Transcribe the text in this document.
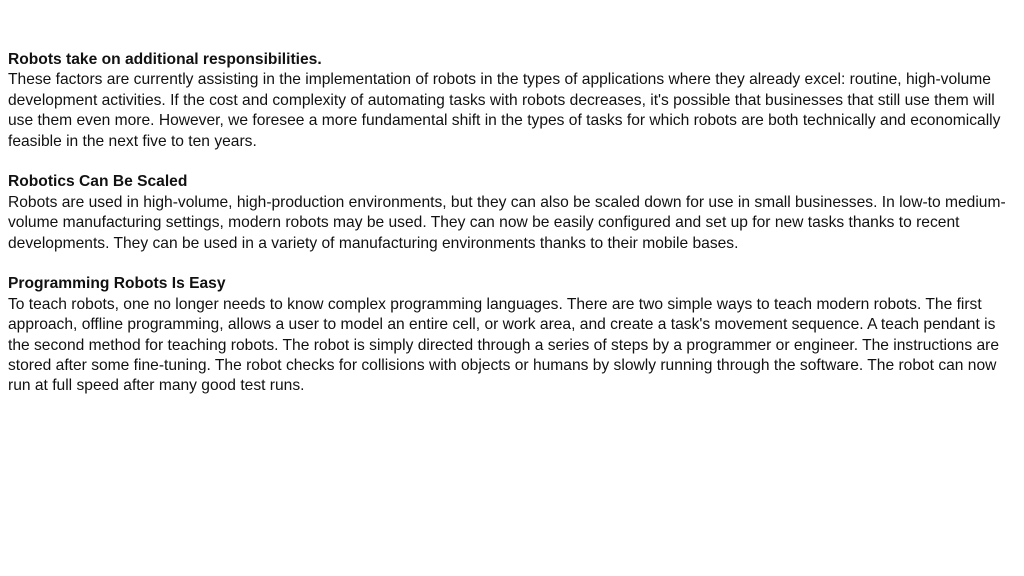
Robots take on additional responsibilities.

These factors are currently assisting in the implementation of robots in the types of applications where they already excel: routine, high-volume development activities. If the cost and complexity of automating tasks with robots decreases, it's possible that businesses that still use them will use them even more. However, we foresee a more fundamental shift in the types of tasks for which robots are both technically and economically feasible in the next five to ten years.

Robotics Can Be Scaled

Robots are used in high-volume, high-production environments, but they can also be scaled down for use in small businesses. In low-to medium-volume manufacturing settings, modern robots may be used. They can now be easily configured and set up for new tasks thanks to recent developments. They can be used in a variety of manufacturing environments thanks to their mobile bases.

Programming Robots Is Easy

To teach robots, one no longer needs to know complex programming languages. There are two simple ways to teach modern robots. The first approach, offline programming, allows a user to model an entire cell, or work area, and create a task's movement sequence. A teach pendant is the second method for teaching robots. The robot is simply directed through a series of steps by a programmer or engineer. The instructions are stored after some fine-tuning. The robot checks for collisions with objects or humans by slowly running through the software. The robot can now run at full speed after many good test runs.
